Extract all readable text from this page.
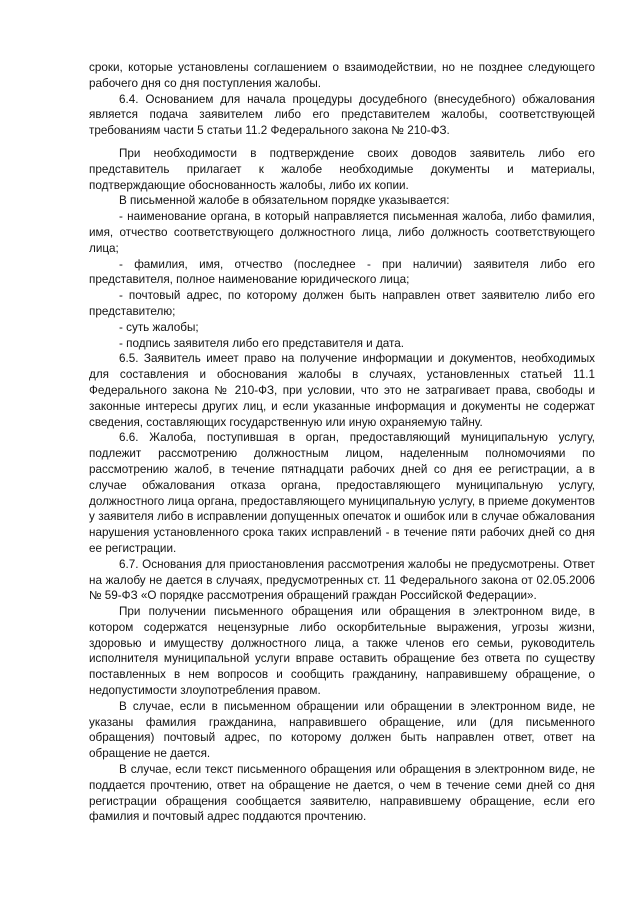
сроки, которые установлены соглашением о взаимодействии, но не позднее следующего рабочего дня со дня поступления жалобы.

6.4. Основанием для начала процедуры досудебного (внесудебного) обжалования является подача заявителем либо его представителем жалобы, соответствующей требованиям части 5 статьи 11.2 Федерального закона № 210-ФЗ.

При необходимости в подтверждение своих доводов заявитель либо его представитель прилагает к жалобе необходимые документы и материалы, подтверждающие обоснованность жалобы, либо их копии.

В письменной жалобе в обязательном порядке указывается:

- наименование органа, в который направляется письменная жалоба, либо фамилия, имя, отчество соответствующего должностного лица, либо должность соответствующего лица;

- фамилия, имя, отчество (последнее - при наличии) заявителя либо его представителя, полное наименование юридического лица;

- почтовый адрес, по которому должен быть направлен ответ заявителю либо его представителю;

- суть жалобы;

- подпись заявителя либо его представителя и дата.

6.5. Заявитель имеет право на получение информации и документов, необходимых для составления и обоснования жалобы в случаях, установленных статьей 11.1 Федерального закона № 210-ФЗ, при условии, что это не затрагивает права, свободы и законные интересы других лиц, и если указанные информация и документы не содержат сведения, составляющих государственную или иную охраняемую тайну.

6.6. Жалоба, поступившая в орган, предоставляющий муниципальную услугу, подлежит рассмотрению должностным лицом, наделенным полномочиями по рассмотрению жалоб, в течение пятнадцати рабочих дней со дня ее регистрации, а в случае обжалования отказа органа, предоставляющего муниципальную услугу, должностного лица органа, предоставляющего муниципальную услугу, в приеме документов у заявителя либо в исправлении допущенных опечаток и ошибок или в случае обжалования нарушения установленного срока таких исправлений - в течение пяти рабочих дней со дня ее регистрации.

6.7. Основания для приостановления рассмотрения жалобы не предусмотрены. Ответ на жалобу не дается в случаях, предусмотренных ст. 11 Федерального закона от 02.05.2006 № 59-ФЗ «О порядке рассмотрения обращений граждан Российской Федерации».

При получении письменного обращения или обращения в электронном виде, в котором содержатся нецензурные либо оскорбительные выражения, угрозы жизни, здоровью и имуществу должностного лица, а также членов его семьи, руководитель исполнителя муниципальной услуги вправе оставить обращение без ответа по существу поставленных в нем вопросов и сообщить гражданину, направившему обращение, о недопустимости злоупотребления правом.

В случае, если в письменном обращении или обращении в электронном виде, не указаны фамилия гражданина, направившего обращение, или (для письменного обращения) почтовый адрес, по которому должен быть направлен ответ, ответ на обращение не дается.

В случае, если текст письменного обращения или обращения в электронном виде, не поддается прочтению, ответ на обращение не дается, о чем в течение семи дней со дня регистрации обращения сообщается заявителю, направившему обращение, если его фамилия и почтовый адрес поддаются прочтению.
